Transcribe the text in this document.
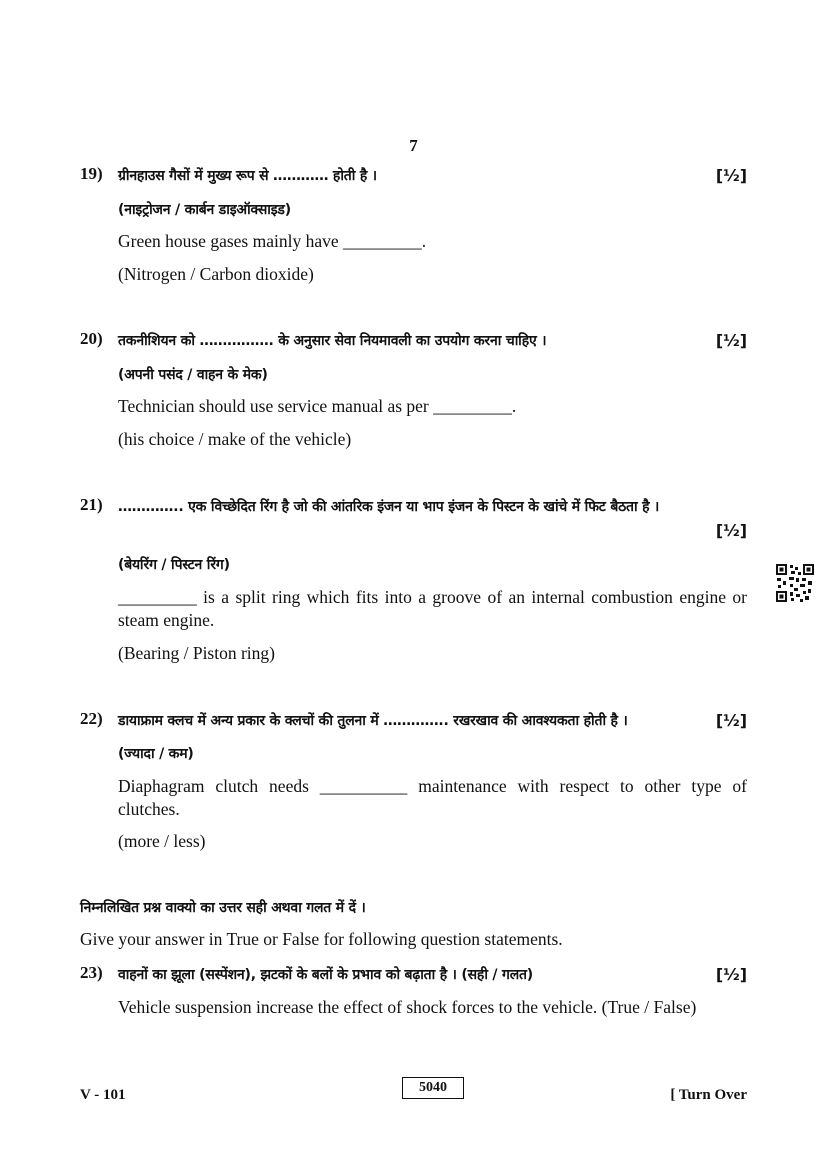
7
19) ग्रीनहाउस गैसों में मुख्य रूप से ………… होती है ।	[½]
(नाइट्रोजन / कार्बन डाइऑक्साइड)
Green house gases mainly have _________.
(Nitrogen / Carbon dioxide)
20) तकनीशियन को ……………. के अनुसार सेवा नियमावली का उपयोग करना चाहिए ।	[½]
(अपनी पसंद / वाहन के मेक)
Technician should use service manual as per _________.
(his choice / make of the vehicle)
21) ………….. एक विच्छेदित रिंग है जो की आंतरिक इंजन या भाप इंजन के पिस्टन के खांचे में फिट बैठता है ।
[½]
(बेयरिंग / पिस्टन रिंग)
_________ is a split ring which fits into a groove of an internal combustion engine or steam engine.
(Bearing / Piston ring)
22) डायाफ्राम क्लच में अन्य प्रकार के क्लचों की तुलना में ………….. रखरखाव की आवश्यकता होती है ।	[½]
(ज्यादा / कम)
Diaphagram clutch needs __________ maintenance with respect to other type of clutches.
(more / less)
निम्नलिखित प्रश्न वाक्यो का उत्तर सही अथवा गलत में दें ।
Give your answer in True or False for following question statements.
23) वाहनों का झूला (सस्पेंशन), झटकों के बलों के प्रभाव को बढ़ाता है । (सही / गलत)	[½]
Vehicle suspension increase the effect of shock forces to the vehicle. (True / False)
V - 101	5040	[ Turn Over
